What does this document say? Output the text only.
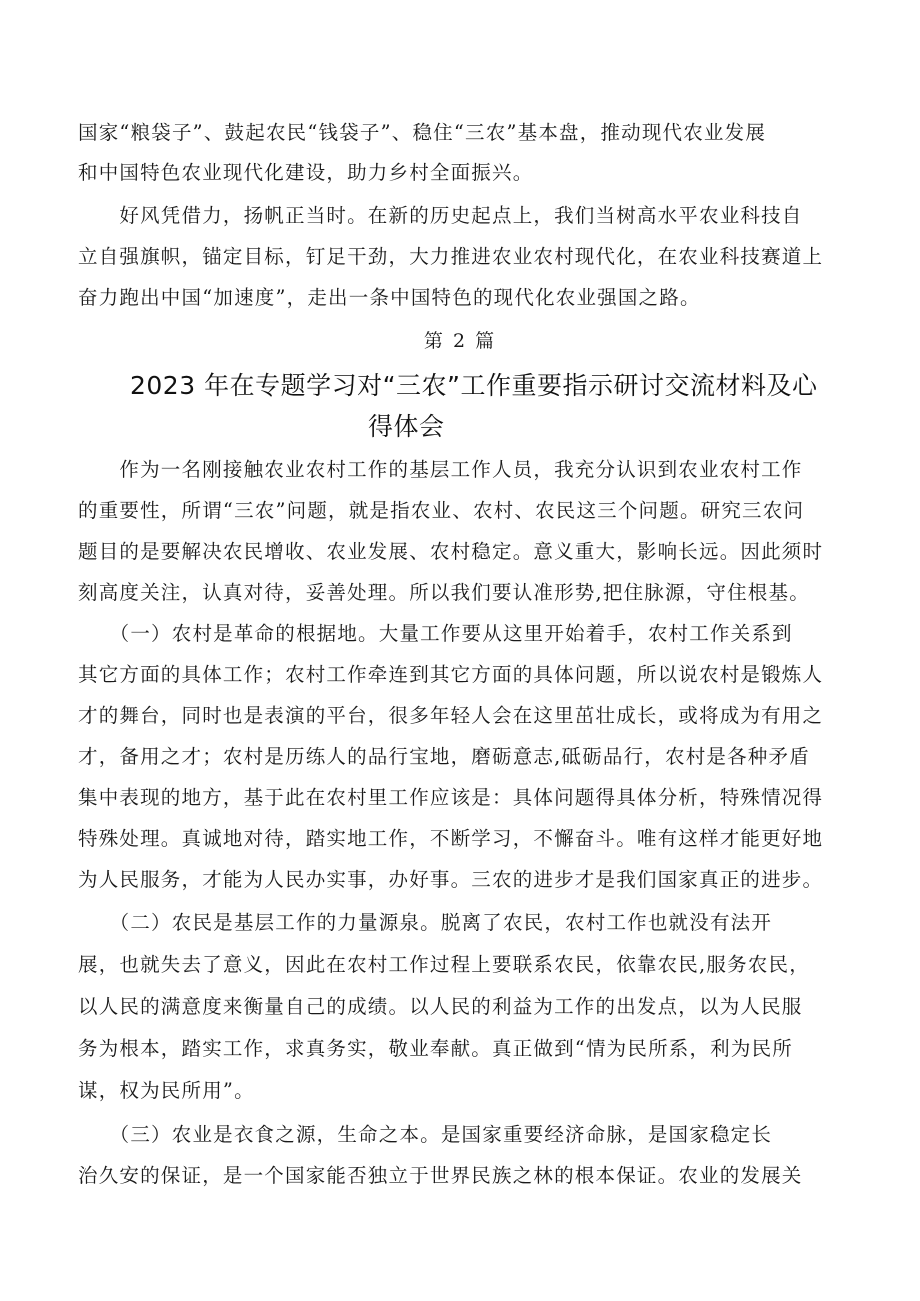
国家“粮袋子”、鼓起农民“钱袋子”、稳住“三农”基本盘，推动现代农业发展
和中国特色农业现代化建设，助力乡村全面振兴。
　　好风凭借力，扬帆正当时。在新的历史起点上，我们当树高水平农业科技自
立自强旗帜，锚定目标，钉足干劲，大力推进农业农村现代化，在农业科技赛道上
奋力跑出中国“加速度”，走出一条中国特色的现代化农业强国之路。
第 2 篇
2023 年在专题学习对“三农”工作重要指示研讨交流材料及心
得体会
　　作为一名刚接触农业农村工作的基层工作人员，我充分认识到农业农村工作
的重要性，所谓“三农”问题，就是指农业、农村、农民这三个问题。研究三农问
题目的是要解决农民增收、农业发展、农村稳定。意义重大，影响长远。因此须时
刻高度关注，认真对待，妥善处理。所以我们要认准形势,把住脉源，守住根基。
　　（一）农村是革命的根据地。大量工作要从这里开始着手，农村工作关系到
其它方面的具体工作；农村工作牵连到其它方面的具体问题，所以说农村是锻炼人
才的舞台，同时也是表演的平台，很多年轻人会在这里茁壮成长，或将成为有用之
才，备用之才；农村是历练人的品行宝地，磨砺意志,砥砺品行，农村是各种矛盾
集中表现的地方，基于此在农村里工作应该是：具体问题得具体分析，特殊情况得
特殊处理。真诚地对待，踏实地工作，不断学习，不懈奋斗。唯有这样才能更好地
为人民服务，才能为人民办实事，办好事。三农的进步才是我们国家真正的进步。
　　（二）农民是基层工作的力量源泉。脱离了农民，农村工作也就没有法开
展，也就失去了意义，因此在农村工作过程上要联系农民，依靠农民,服务农民，
以人民的满意度来衡量自己的成绩。以人民的利益为工作的出发点，以为人民服
务为根本，踏实工作，求真务实，敬业奉献。真正做到“情为民所系，利为民所
谋，权为民所用”。
　　（三）农业是衣食之源，生命之本。是国家重要经济命脉，是国家稳定长
治久安的保证，是一个国家能否独立于世界民族之林的根本保证。农业的发展关
